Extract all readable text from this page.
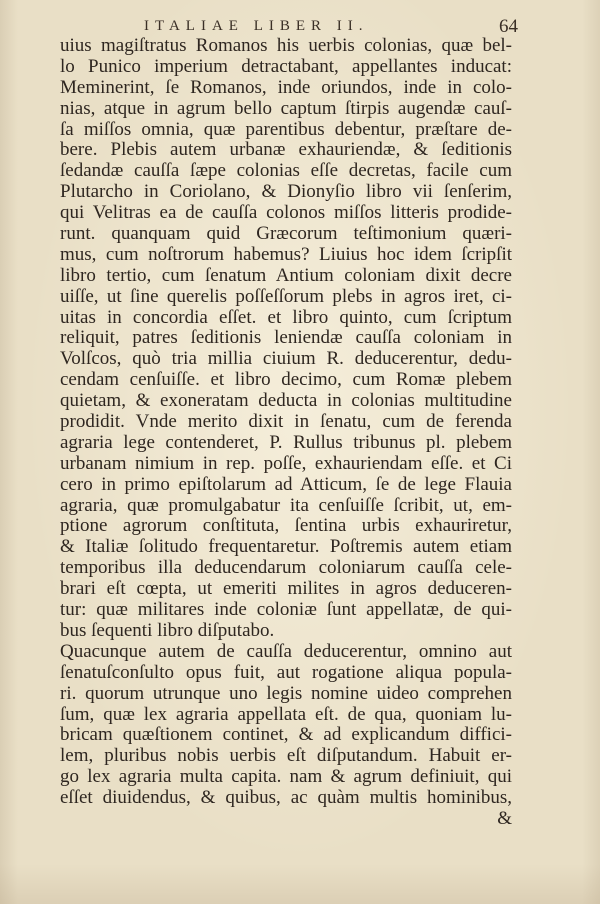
ITALIAE LIBER II.	64
uius magiſtratus Romanos his uerbis colonias, quæ bel-
lo Punico imperium detractabant, appellantes inducat:
Meminerint, ſe Romanos, inde oriundos, inde in colo-
nias, atque in agrum bello captum ſtirpis augendæ cauſ-
ſa miſſos omnia, quæ parentibus debentur, præſtare de-
bere. Plebis autem urbanæ exhauriendæ, & ſeditionis
ſedandæ cauſſa ſæpe colonias eſſe decretas, facile cum
Plutarcho in Coriolano, & Dionyſio libro vii ſenſerim,
qui Velitras ea de cauſſa colonos miſſos litteris prodide-
runt. quanquam quid Græcorum teſtimonium quæri-
mus, cum noſtrorum habemus? Liuius hoc idem ſcripſit
libro tertio, cum ſenatum Antium coloniam dixit decre
uiſſe, ut ſine querelis poſſeſſorum plebs in agros iret, ci-
uitas in concordia eſſet. et libro quinto, cum ſcriptum
reliquit, patres ſeditionis leniendæ cauſſa coloniam in
Volſcos, quò tria millia ciuium R. deducerentur, dedu-
cendam cenſuiſſe. et libro decimo, cum Romæ plebem
quietam, & exoneratam deducta in colonias multitudine
prodidit. Vnde merito dixit in ſenatu, cum de ferenda
agraria lege contenderet, P. Rullus tribunus pl. plebem
urbanam nimium in rep. poſſe, exhauriendam eſſe. et Ci
cero in primo epiſtolarum ad Atticum, ſe de lege Flauia
agraria, quæ promulgabatur ita cenſuiſſe ſcribit, ut, em-
ptione agrorum conſtituta, ſentina urbis exhauriretur,
& Italiæ ſolitudo frequentaretur. Poſtremis autem etiam
temporibus illa deducendarum coloniarum cauſſa cele-
brari eſt cœpta, ut emeriti milites in agros deduceren-
tur: quæ militares inde coloniæ ſunt appellatæ, de qui-
bus ſequenti libro diſputabo.
Quacunque autem de cauſſa deducerentur, omnino aut
ſenatuſconſulto opus fuit, aut rogatione aliqua popula-
ri. quorum utrunque uno legis nomine uideo comprehen
ſum, quæ lex agraria appellata eſt. de qua, quoniam lu-
bricam quæſtionem continet, & ad explicandum diffici-
lem, pluribus nobis uerbis eſt diſputandum. Habuit er-
go lex agraria multa capita. nam & agrum definiuit, qui
eſſet diuidendus, & quibus, ac quàm multis hominibus,
&
